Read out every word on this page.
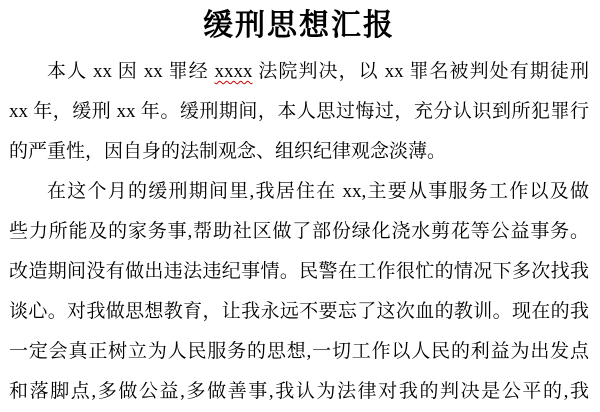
缓刑思想汇报
本人 xx 因 xx 罪经 xxxx 法院判决，以 xx 罪名被判处有期徒刑
xx 年，缓刑 xx 年。缓刑期间，本人思过悔过，充分认识到所犯罪行
的严重性，因自身的法制观念、组织纪律观念淡薄。
在这个月的缓刑期间里,我居住在 xx,主要从事服务工作以及做
些力所能及的家务事,帮助社区做了部份绿化浇水剪花等公益事务。
改造期间没有做出违法违纪事情。民警在工作很忙的情况下多次找我
谈心。对我做思想教育，让我永远不要忘了这次血的教训。现在的我
一定会真正树立为人民服务的思想,一切工作以人民的利益为出发点
和落脚点,多做公益,多做善事,我认为法律对我的判决是公平的,我
